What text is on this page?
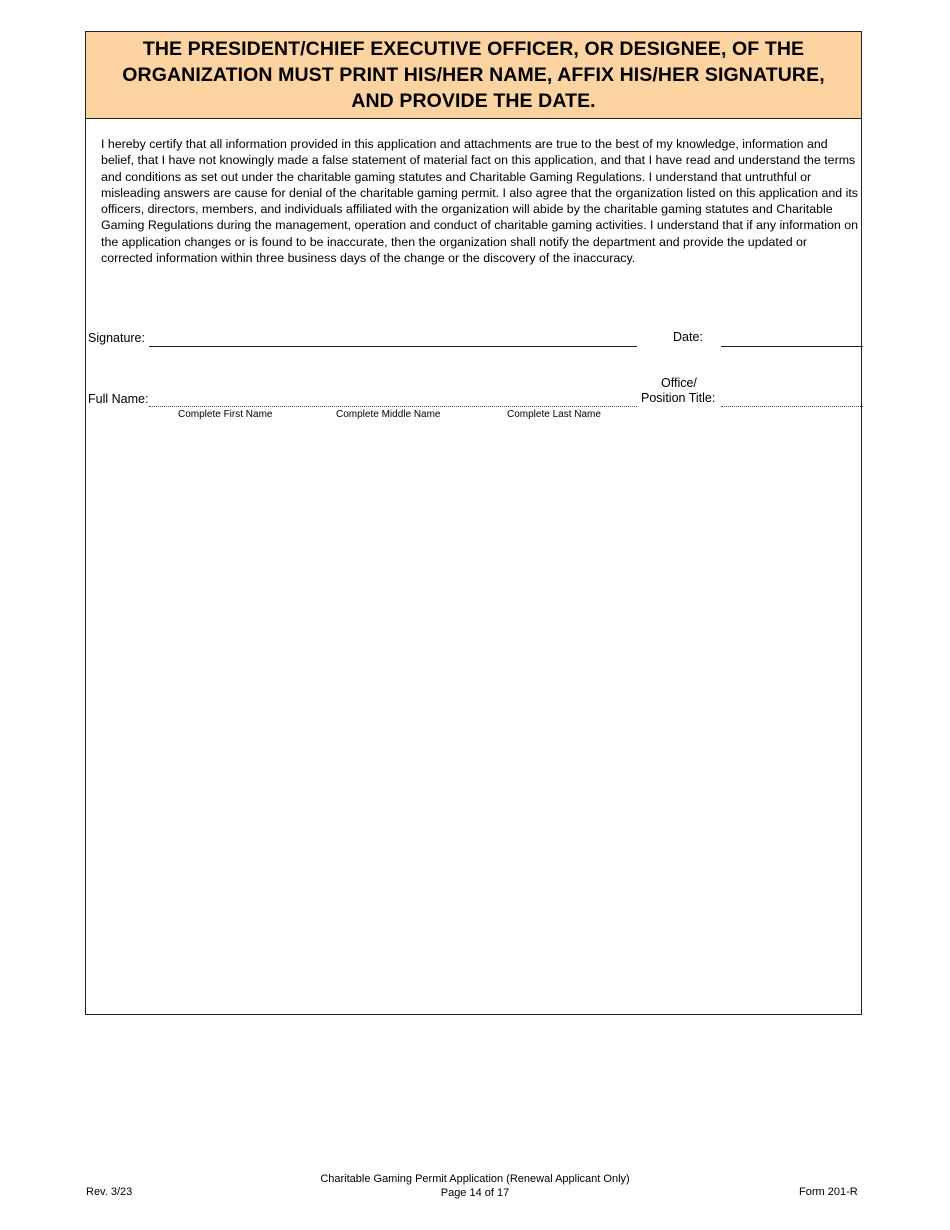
THE PRESIDENT/CHIEF EXECUTIVE OFFICER, OR DESIGNEE, OF THE ORGANIZATION MUST PRINT HIS/HER NAME, AFFIX HIS/HER SIGNATURE, AND PROVIDE THE DATE.
I hereby certify that all information provided in this application and attachments are true to the best of my knowledge, information and belief, that I have not knowingly made a false statement of material fact on this application, and that I have read and understand the terms and conditions as set out under the charitable gaming statutes and Charitable Gaming Regulations. I understand that untruthful or misleading answers are cause for denial of the charitable gaming permit. I also agree that the organization listed on this application and its officers, directors, members, and individuals affiliated with the organization will abide by the charitable gaming statutes and Charitable Gaming Regulations during the management, operation and conduct of charitable gaming activities. I understand that if any information on the application changes or is found to be inaccurate, then the organization shall notify the department and provide the updated or corrected information within three business days of the change or the discovery of the inaccuracy.
Signature:	Date:
Full Name:
Office/
Position Title:
Complete First Name	Complete Middle Name	Complete Last Name
Rev. 3/23
Charitable Gaming Permit Application (Renewal Applicant Only)
Page 14 of 17	Form 201-R
